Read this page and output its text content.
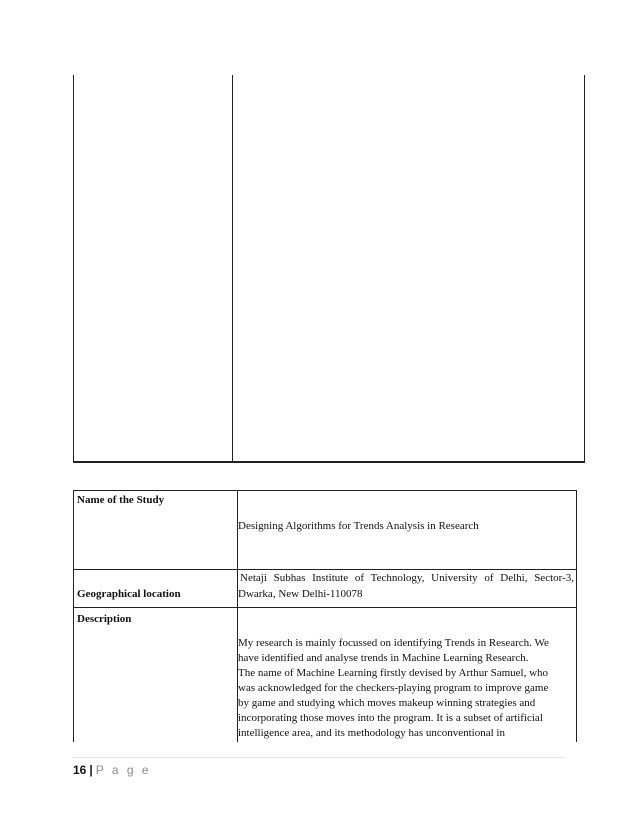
Name of the Study
Designing Algorithms for Trends Analysis in Research
Geographical location
Netaji Subhas Institute of Technology, University of Delhi, Sector-3, Dwarka, New Delhi-110078
Description
My research is mainly focussed on identifying Trends in Research. We
have identified and analyse trends in Machine Learning Research.
The name of Machine Learning firstly devised by Arthur Samuel, who
was acknowledged for the checkers-playing program to improve game
by game and studying which moves makeup winning strategies and
incorporating those moves into the program. It is a subset of artificial
intelligence area, and its methodology has unconventional in
16 | P a g e
